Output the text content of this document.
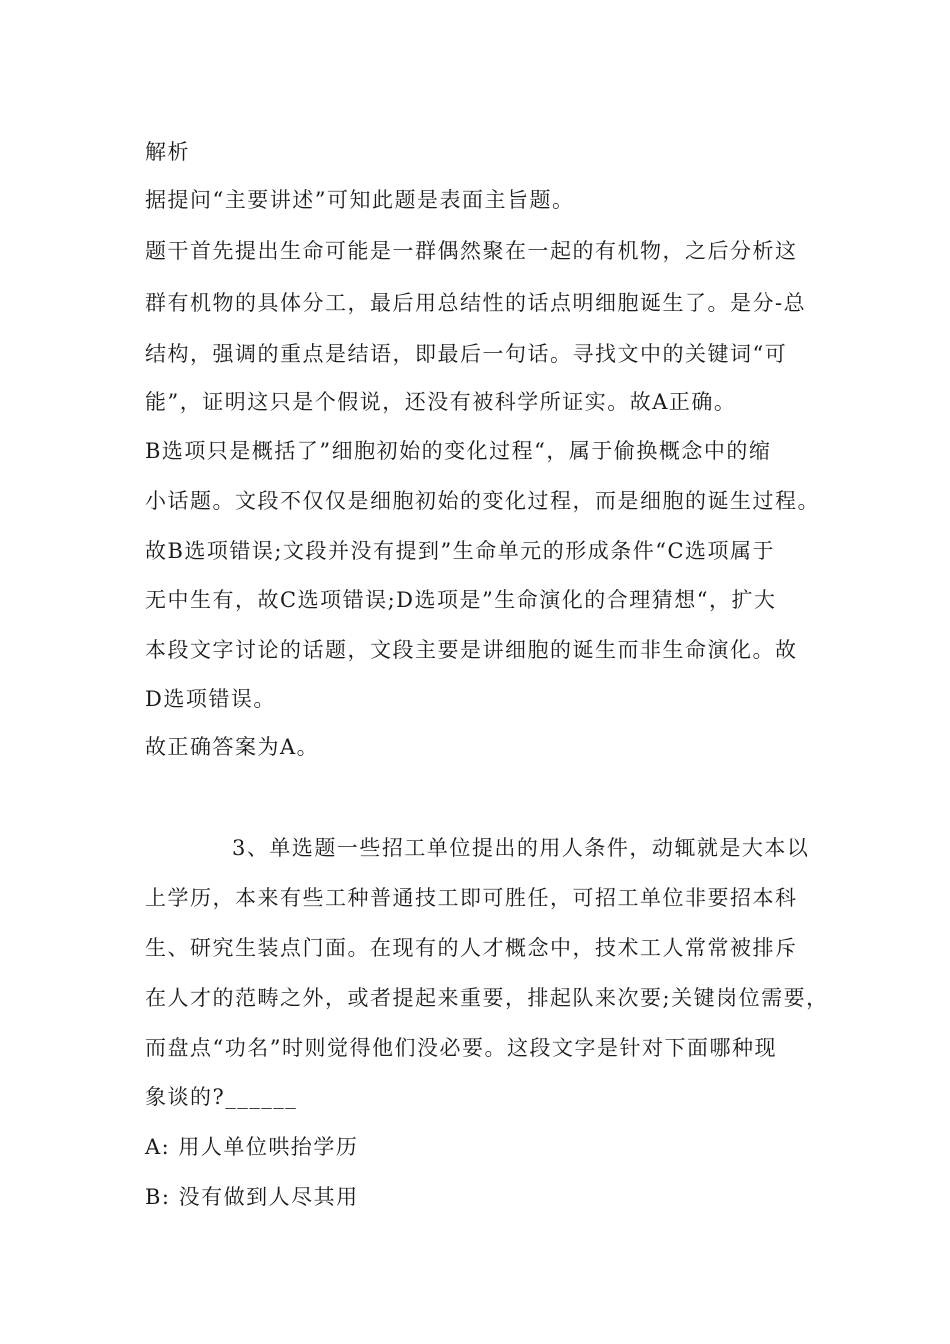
解析
据提问“主要讲述”可知此题是表面主旨题。
题干首先提出生命可能是一群偶然聚在一起的有机物，之后分析这
群有机物的具体分工，最后用总结性的话点明细胞诞生了。是分-总
结构，强调的重点是结语，即最后一句话。寻找文中的关键词“可
能”，证明这只是个假说，还没有被科学所证实。故A正确。
B选项只是概括了”细胞初始的变化过程“，属于偷换概念中的缩
小话题。文段不仅仅是细胞初始的变化过程，而是细胞的诞生过程。
故B选项错误;文段并没有提到”生命单元的形成条件“C选项属于
无中生有，故C选项错误;D选项是”生命演化的合理猜想“，扩大
本段文字讨论的话题，文段主要是讲细胞的诞生而非生命演化。故
D选项错误。
故正确答案为A。
3、单选题一些招工单位提出的用人条件，动辄就是大本以
上学历，本来有些工种普通技工即可胜任，可招工单位非要招本科
生、研究生装点门面。在现有的人才概念中，技术工人常常被排斥
在人才的范畴之外，或者提起来重要，排起队来次要;关键岗位需要，
而盘点“功名”时则觉得他们没必要。这段文字是针对下面哪种现
象谈的?______
A: 用人单位哄抬学历
B: 没有做到人尽其用
